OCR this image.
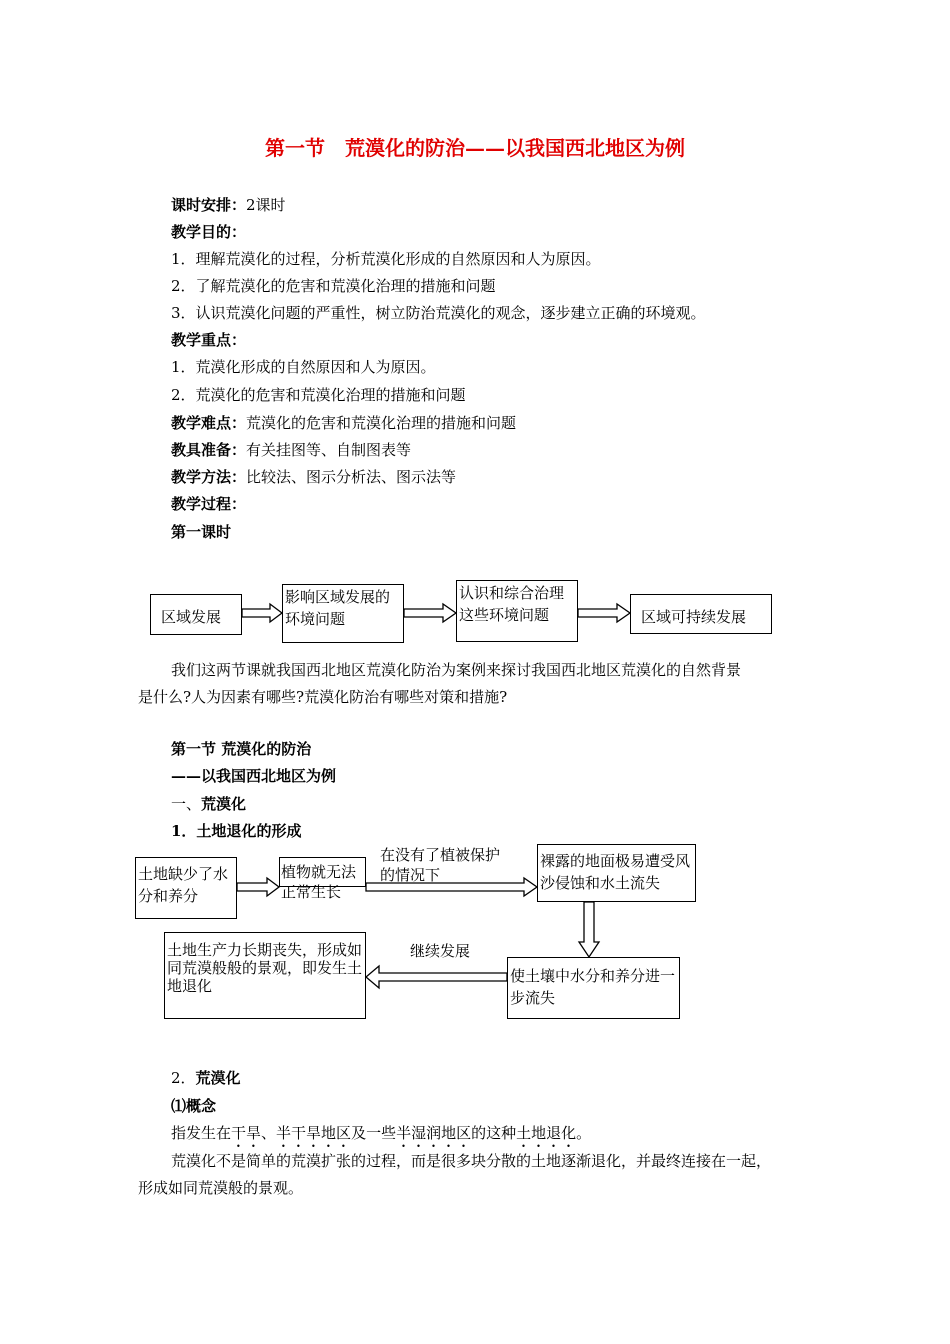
第一节　荒漠化的防治——以我国西北地区为例
课时安排：2课时
教学目的：
1．理解荒漠化的过程，分析荒漠化形成的自然原因和人为原因。
2．了解荒漠化的危害和荒漠化治理的措施和问题
3．认识荒漠化问题的严重性，树立防治荒漠化的观念，逐步建立正确的环境观。
教学重点：
1．荒漠化形成的自然原因和人为原因。
2．荒漠化的危害和荒漠化治理的措施和问题
教学难点：荒漠化的危害和荒漠化治理的措施和问题
教具准备：有关挂图等、自制图表等
教学方法：比较法、图示分析法、图示法等
教学过程：
第一课时
区域发展
影响区域发展的环境问题
认识和综合治理这些环境问题	区域可持续发展
我们这两节课就我国西北地区荒漠化防治为案例来探讨我国西北地区荒漠化的自然背景
是什么?人为因素有哪些?荒漠化防治有哪些对策和措施?
第一节 荒漠化的防治
——以我国西北地区为例
一、荒漠化
1．土地退化的形成
土地缺少了水分和养分
植物就无法正常生长
在没有了植被保护的情况下
裸露的地面极易遭受风沙侵蚀和水土流失
使土壤中水分和养分进一步流失
继续发展
土地生产力长期丧失，形成如同荒漠般般的景观，即发生土地退化
2．荒漠化
⑴概念
指发生在干旱、半干旱地区及一些半湿润地区的这种土地退化。
荒漠化不是简单的荒漠扩张的过程，而是很多块分散的土地逐渐退化，并最终连接在一起，
形成如同荒漠般的景观。
